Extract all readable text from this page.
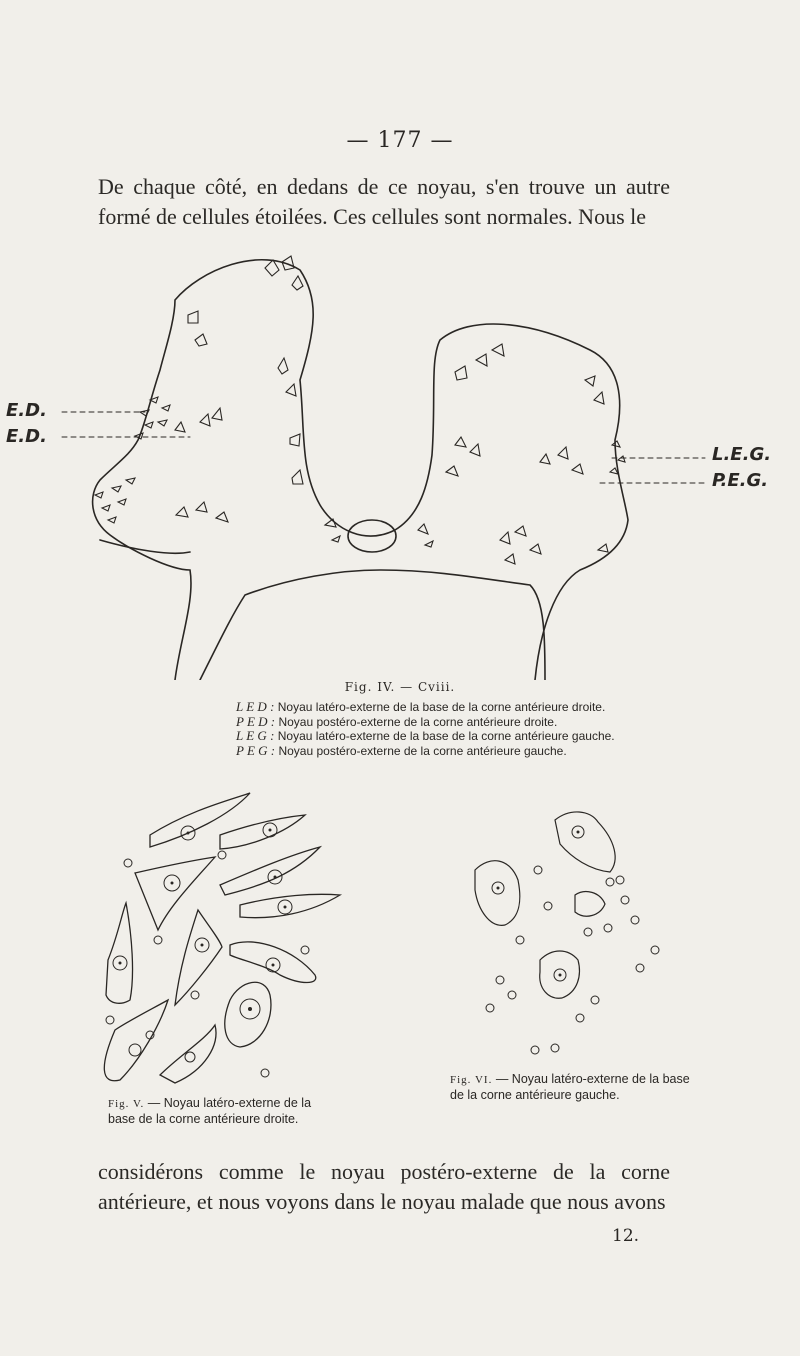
— 177 —
De chaque côté, en dedans de ce noyau, s'en trouve un autre formé de cellules étoilées. Ces cellules sont normales. Nous le
E.D.
E.D.
L.E.G.
P.E.G.
Fig. IV. — Cviii.
L E D : Noyau latéro-externe de la base de la corne antérieure droite.
P E D : Noyau postéro-externe de la corne antérieure droite.
L E G : Noyau latéro-externe de la base de la corne antérieure gauche.
P E G : Noyau postéro-externe de la corne antérieure gauche.
Fig. V. — Noyau latéro-externe de la base de la corne antérieure droite.
Fig. VI. — Noyau latéro-externe de la base de la corne antérieure gauche.
considérons comme le noyau postéro-externe de la corne antérieure, et nous voyons dans le noyau malade que nous avons
12.
